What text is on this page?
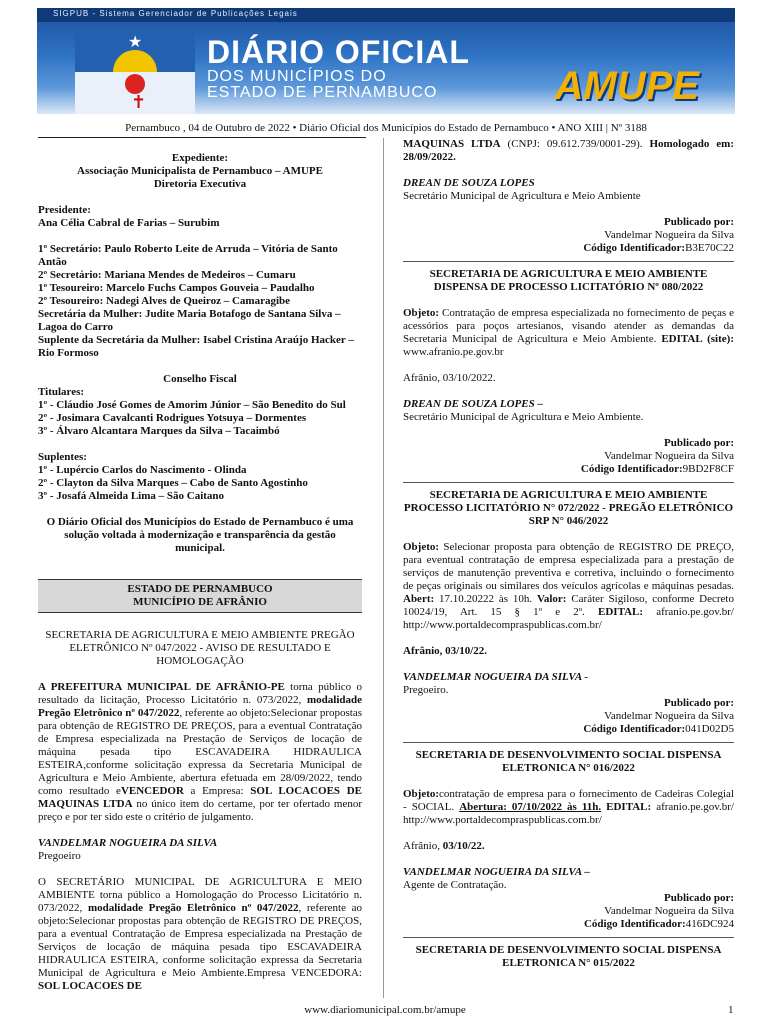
SIGPUB - Sistema Gerenciador de Publicações Legais
★
✝
DIÁRIO OFICIAL
DOS MUNICÍPIOS DO
ESTADO DE PERNAMBUCO	AMUPE
Pernambuco , 04 de Outubro de 2022 • Diário Oficial dos Municípios do Estado de Pernambuco • ANO XIII | Nº 3188
Expediente:
Associação Municipalista de Pernambuco – AMUPE
Diretoria Executiva
Presidente:
Ana Célia Cabral de Farias – Surubim
1º Secretário: Paulo Roberto Leite de Arruda – Vitória de Santo Antão
2º Secretário: Mariana Mendes de Medeiros – Cumaru
1º Tesoureiro: Marcelo Fuchs Campos Gouveia – Paudalho
2º Tesoureiro: Nadegi Alves de Queiroz – Camaragibe
Secretária da Mulher: Judite Maria Botafogo de Santana Silva – Lagoa do Carro
Suplente da Secretária da Mulher: Isabel Cristina Araújo Hacker – Rio Formoso
Conselho Fiscal
Titulares:
1º - Cláudio José Gomes de Amorim Júnior – São Benedito do Sul
2º - Josimara Cavalcanti Rodrigues Yotsuya – Dormentes
3º - Álvaro Alcantara Marques da Silva – Tacaimbó
Suplentes:
1º - Lupércio Carlos do Nascimento - Olinda
2º - Clayton da Silva Marques – Cabo de Santo Agostinho
3º - Josafá Almeida Lima – São Caitano
O Diário Oficial dos Municípios do Estado de Pernambuco é uma solução voltada à modernização e transparência da gestão municipal.
ESTADO DE PERNAMBUCO
MUNICÍPIO DE AFRÂNIO
SECRETARIA DE AGRICULTURA E MEIO AMBIENTE PREGÃO ELETRÔNICO Nº 047/2022 - AVISO DE RESULTADO E HOMOLOGAÇÃO

A PREFEITURA MUNICIPAL DE AFRÂNIO-PE torna público o resultado da licitação, Processo Licitatório n. 073/2022, modalidade Pregão Eletrônico nº 047/2022, referente ao objeto:Selecionar propostas para obtenção de REGISTRO DE PREÇOS, para a eventual Contratação de Empresa especializada na Prestação de Serviços de locação de máquina pesada tipo ESCAVADEIRA HIDRAULICA ESTEIRA,conforme solicitação expressa da Secretaria Municipal de Agricultura e Meio Ambiente, abertura efetuada em 28/09/2022, tendo como resultado eVENCEDOR a Empresa: SOL LOCACOES DE MAQUINAS LTDA no único item do certame, por ter ofertado menor preço e por ter sido este o critério de julgamento.

VANDELMAR NOGUEIRA DA SILVA
Pregoeiro

O SECRETÁRIO MUNICIPAL DE AGRICULTURA E MEIO AMBIENTE torna público a Homologação do Processo Licitatório n. 073/2022, modalidade Pregão Eletrônico nº 047/2022, referente ao objeto:Selecionar propostas para obtenção de REGISTRO DE PREÇOS, para a eventual Contratação de Empresa especializada na Prestação de Serviços de locação de máquina pesada tipo ESCAVADEIRA HIDRAULICA ESTEIRA, conforme solicitação expressa da Secretaria Municipal de Agricultura e Meio Ambiente.Empresa VENCEDORA: SOL LOCACOES DE

MAQUINAS LTDA (CNPJ: 09.612.739/0001-29). Homologado em: 28/09/2022.

DREAN DE SOUZA LOPES
Secretário Municipal de Agricultura e Meio Ambiente
Publicado por:
Vandelmar Nogueira da Silva
Código Identificador:B3E70C22
SECRETARIA DE AGRICULTURA E MEIO AMBIENTE DISPENSA DE PROCESSO LICITATÓRIO Nº 080/2022

Objeto: Contratação de empresa especializada no fornecimento de peças e acessórios para poços artesianos, visando atender as demandas da Secretaria Municipal de Agricultura e Meio Ambiente. EDITAL (site): www.afranio.pe.gov.br

Afrânio, 03/10/2022.

DREAN DE SOUZA LOPES –
Secretário Municipal de Agricultura e Meio Ambiente.
Publicado por:
Vandelmar Nogueira da Silva
Código Identificador:9BD2F8CF
SECRETARIA DE AGRICULTURA E MEIO AMBIENTE PROCESSO LICITATÓRIO N° 072/2022 - PREGÃO ELETRÔNICO SRP N° 046/2022

Objeto: Selecionar proposta para obtenção de REGISTRO DE PREÇO, para eventual contratação de empresa especializada para a prestação de serviços de manutenção preventiva e corretiva, incluindo o fornecimento de peças originais ou similares dos veículos agrícolas e máquinas pesadas. Abert: 17.10.20222 às 10h. Valor: Caráter Sigiloso, conforme Decreto 10024/19, Art. 15 § 1º e 2º. EDITAL: afranio.pe.gov.br/ http://www.portaldecompraspublicas.com.br/

Afrânio, 03/10/22.

VANDELMAR NOGUEIRA DA SILVA -
Pregoeiro.
Publicado por:
Vandelmar Nogueira da Silva
Código Identificador:041D02D5
SECRETARIA DE DESENVOLVIMENTO SOCIAL DISPENSA ELETRONICA N° 016/2022

Objeto:contratação de empresa para o fornecimento de Cadeiras Colegial - SOCIAL. Abertura: 07/10/2022 às 11h. EDITAL: afranio.pe.gov.br/ http://www.portaldecompraspublicas.com.br/

Afrânio, 03/10/22.

VANDELMAR NOGUEIRA DA SILVA –
Agente de Contratação.
Publicado por:
Vandelmar Nogueira da Silva
Código Identificador:416DC924
SECRETARIA DE DESENVOLVIMENTO SOCIAL DISPENSA ELETRONICA N° 015/2022
www.diariomunicipal.com.br/amupe	1
